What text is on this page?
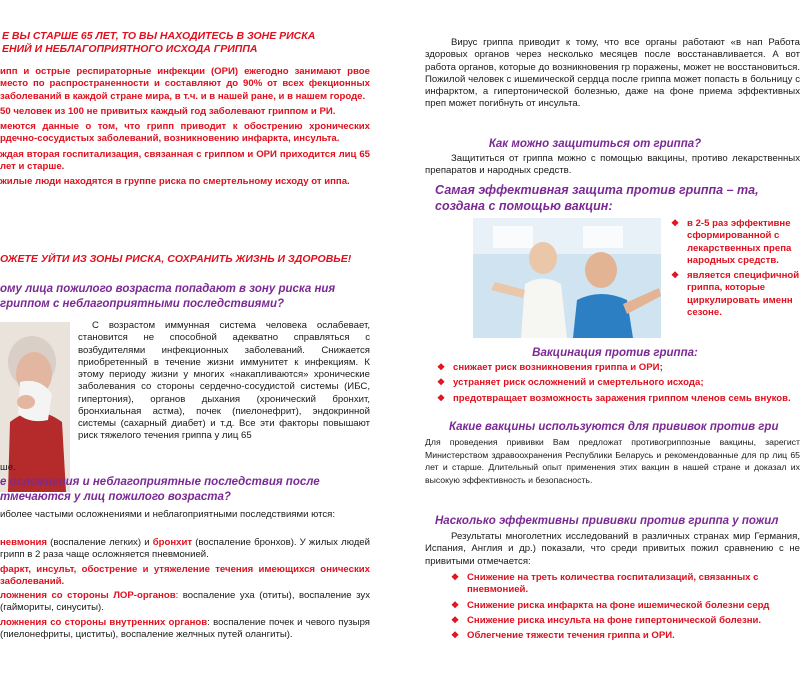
Е ВЫ СТАРШЕ 65 ЛЕТ, ТО ВЫ НАХОДИТЕСЬ В ЗОНЕ РИСКА

ЕНИЙ И НЕБЛАГОПРИЯТНОГО ИСХОДА ГРИППА

ипп и острые респираторные инфекции (ОРИ) ежегодно занимают рвое место по распространенности и составляют до 90% от всех фекционных заболеваний в каждой стране мира, в т.ч. и в нашей ране, и в нашем городе.

50 человек из 100 не привитых каждый год заболевают гриппом и РИ.

меются данные о том, что грипп приводит к обострению хронических рдечно-сосудистых заболеваний, возникновению инфаркта, инсульта.

ждая вторая госпитализация, связанная с гриппом и ОРИ приходится лиц 65 лет и старше.

жилые люди находятся в группе риска по смертельному исходу от иппа.

ОЖЕТЕ УЙТИ ИЗ ЗОНЫ РИСКА, СОХРАНИТЬ ЖИЗНЬ И ЗДОРОВЬЕ!

ому лица пожилого возраста попадают в зону риска ния гриппом с неблагоприятными последствиями?

С возрастом иммунная система человека ослабевает, становится не способной адекватно справляться с возбудителями инфекционных заболеваний. Снижается приобретенный в течение жизни иммунитет к инфекциям. К этому периоду жизни у многих «накапливаются» хронические заболевания со стороны сердечно-сосудистой системы (ИБС, гипертония), органов дыхания (хронический бронхит, бронхиальная астма), почек (пиелонефрит), эндокринной системы (сахарный диабет) и т.д. Все эти факторы повышают риск тяжелого течения гриппа у лиц 65

ше.

е осложнения и неблагоприятные последствия после тмечаются у лиц пожилого возраста?

иболее частыми осложнениями и неблагоприятными последствиями ются:

невмония (воспаление легких) и бронхит (воспаление бронхов). У жилых людей грипп в 2 раза чаще осложняется пневмонией.

фаркт, инсульт, обострение и утяжеление течения имеющихся онических заболеваний.

ложнения со стороны ЛОР-органов: воспаление уха (отиты), воспаление зух (гаймориты, синуситы).

ложнения со стороны внутренних органов: воспаление почек и чевого пузыря (пиелонефриты, циститы), воспаление желчных путей олангиты).

Вирус гриппа приводит к тому, что все органы работают «в нап Работа здоровых органов через несколько месяцев после восстанавливается. А вот работа органов, которые до возникновения гр поражены, может не восстановиться. Пожилой человек с ишемической сердца после гриппа может попасть в больницу с инфарктом, а гипертонической болезнью, даже на фоне приема эффективных преп может погибнуть от инсульта.

Как можно защититься от гриппа?

Защититься от гриппа можно с помощью вакцины, противо лекарственных препаратов и народных средств.

Самая эффективная защита против гриппа – та, создана с помощью вакцин:

❖ в 2-5 раз эффективне сформированной с лекарственных препа народных средств.

❖ является специфичной гриппа, которые циркулировать именн сезоне.

Вакцинация против гриппа:

❖ снижает риск возникновения гриппа и ОРИ;

❖ устраняет риск осложнений и смертельного исхода;

❖ предотвращает возможность заражения гриппом членов семь внуков.

Какие вакцины используются для прививок против гри

Для проведения прививки Вам предложат противогриппозные вакцины, зарегист Министерством здравоохранения Республики Беларусь и рекомендованные для пр лиц 65 лет и старше. Длительный опыт применения этих вакцин в нашей стране и доказал их высокую эффективность и безопасность.

Насколько эффективны прививки против гриппа у пожил

Результаты многолетних исследований в различных странах мир Германия, Испания, Англия и др.) показали, что среди привитых пожил сравнению с не привитыми отмечается:

❖ Снижение на треть количества госпитализаций, связанных с пневмонией.

❖ Снижение риска инфаркта на фоне ишемической болезни серд

❖ Снижение риска инсульта на фоне гипертонической болезни.

❖ Облегчение тяжести течения гриппа и ОРИ.
